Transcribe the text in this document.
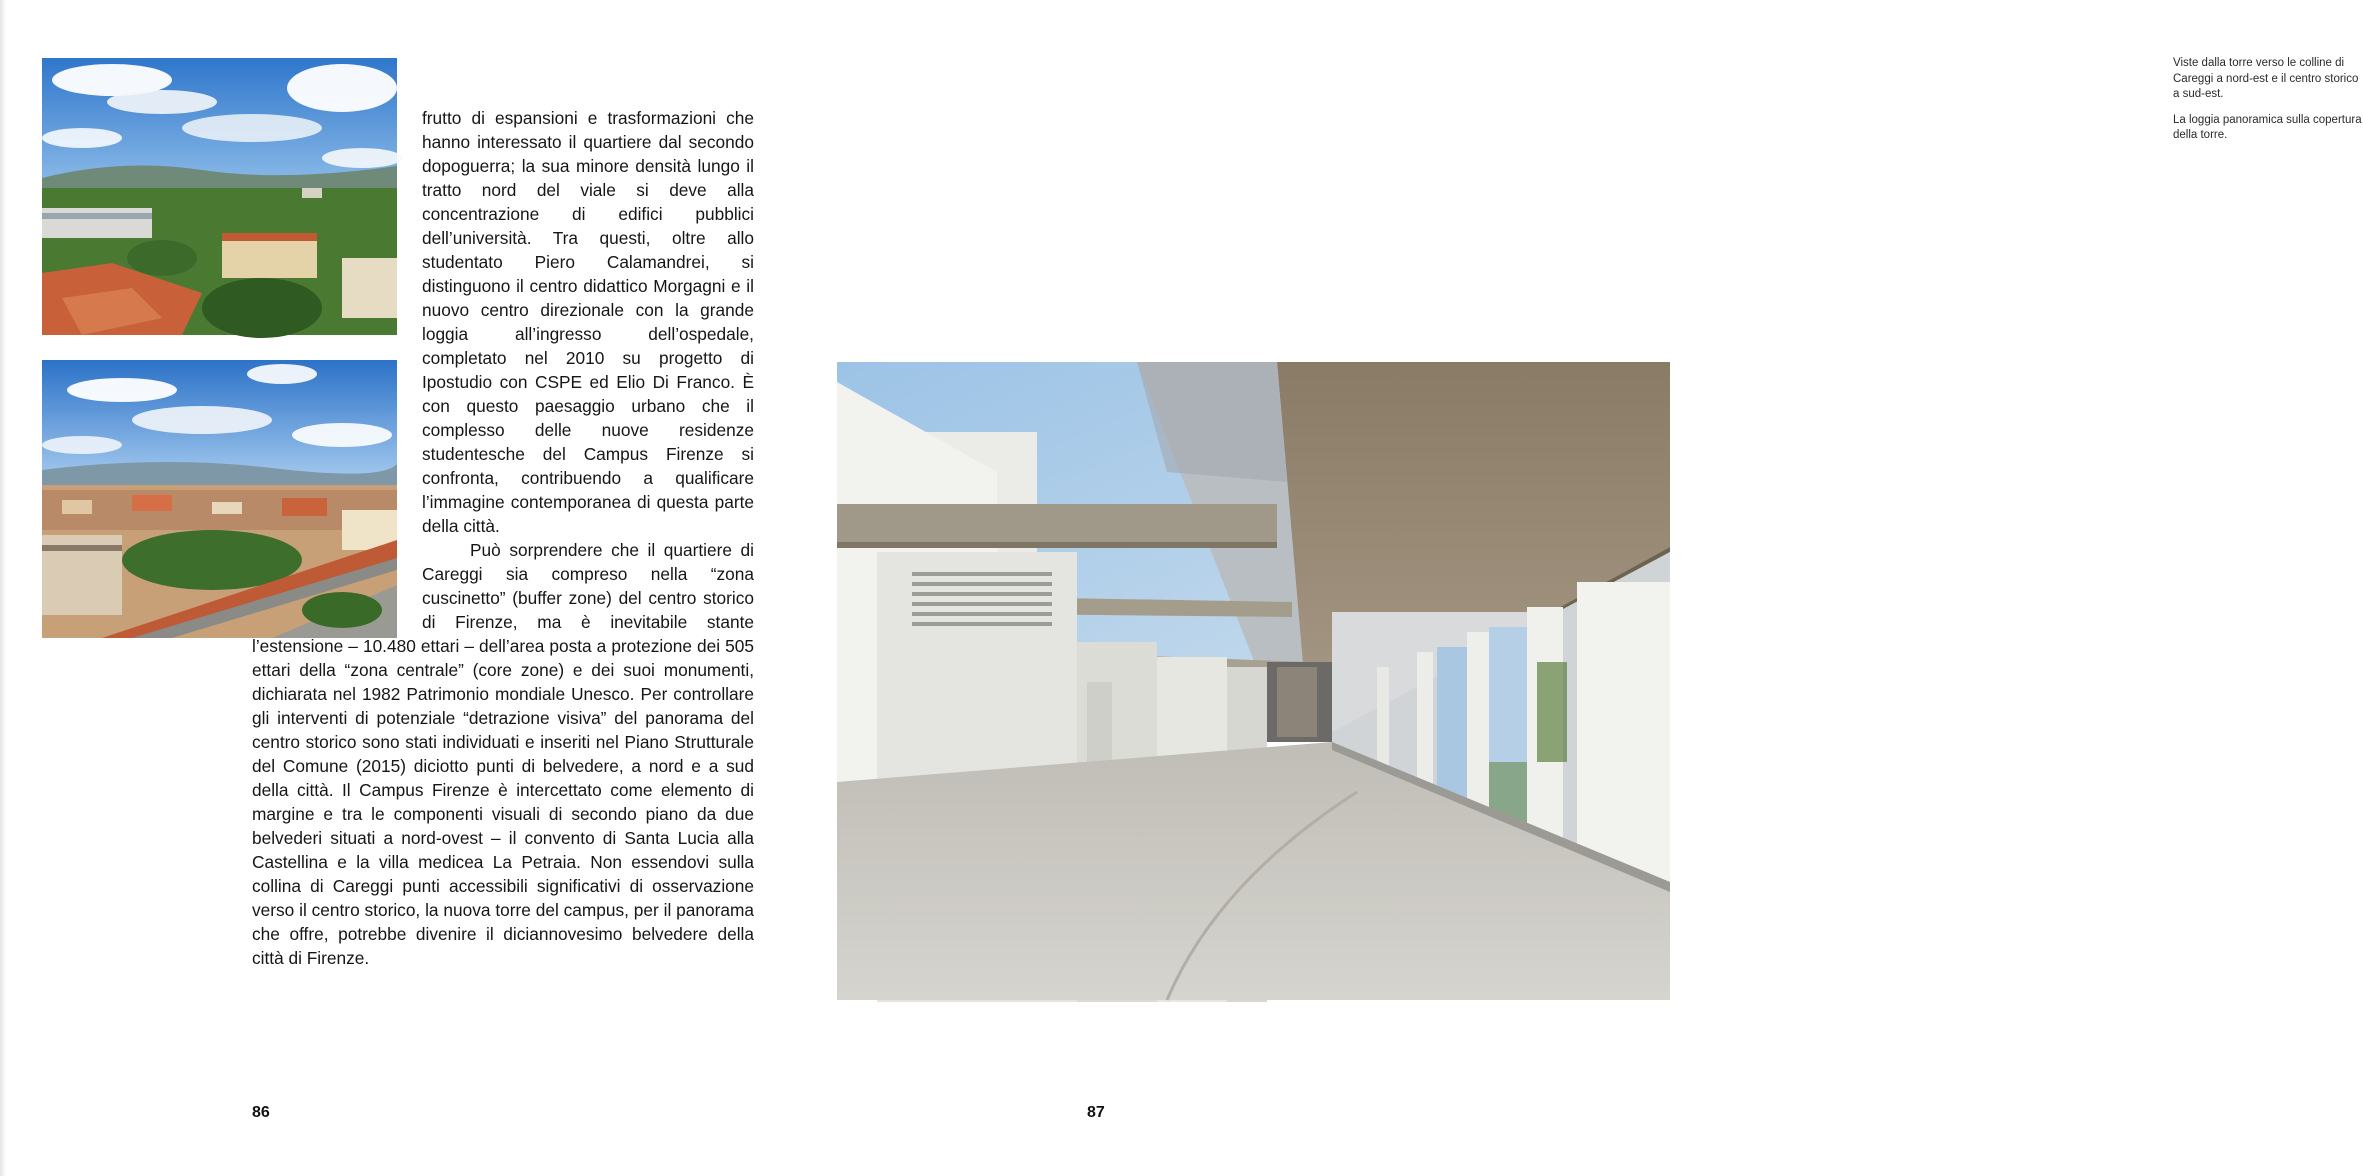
frutto di espansioni e trasformazioni che hanno interessato il quartiere dal secondo dopoguerra; la sua minore densità lungo il tratto nord del viale si deve alla concentrazione di edifici pubblici dell’università. Tra questi, oltre allo studentato Piero Calamandrei, si distinguono il centro didattico Morgagni e il nuovo centro direzionale con la grande loggia all’ingresso dell’ospedale, completato nel 2010 su progetto di Ipostudio con CSPE ed Elio Di Franco. È con questo paesaggio urbano che il complesso delle nuove residenze studentesche del Campus Firenze si confronta, contribuendo a qualificare l’immagine contemporanea di questa parte della città.

Può sorprendere che il quartiere di Careggi sia compreso nella “zona cuscinetto” (buffer zone) del centro storico di Firenze, ma è inevitabile stante l’estensione – 10.480 ettari – dell’area posta a protezione dei 505 ettari della “zona centrale” (core zone) e dei suoi monumenti, dichiarata nel 1982 Patrimonio mondiale Unesco. Per controllare gli interventi di potenziale “detrazione visiva” del panorama del centro storico sono stati individuati e inseriti nel Piano Strutturale del Comune (2015) diciotto punti di belvedere, a nord e a sud della città. Il Campus Firenze è intercettato come elemento di margine e tra le componenti visuali di secondo piano da due belvederi situati a nord-ovest – il convento di Santa Lucia alla Castellina e la villa medicea La Petraia. Non essendovi sulla collina di Careggi punti accessibili significativi di osservazione verso il centro storico, la nuova torre del campus, per il panorama che offre, potrebbe divenire il diciannovesimo belvedere della città di Firenze.

86

Viste dalla torre verso le colline di Careggi a nord-est e il centro storico a sud-est.

La loggia panoramica sulla copertura della torre.

87
